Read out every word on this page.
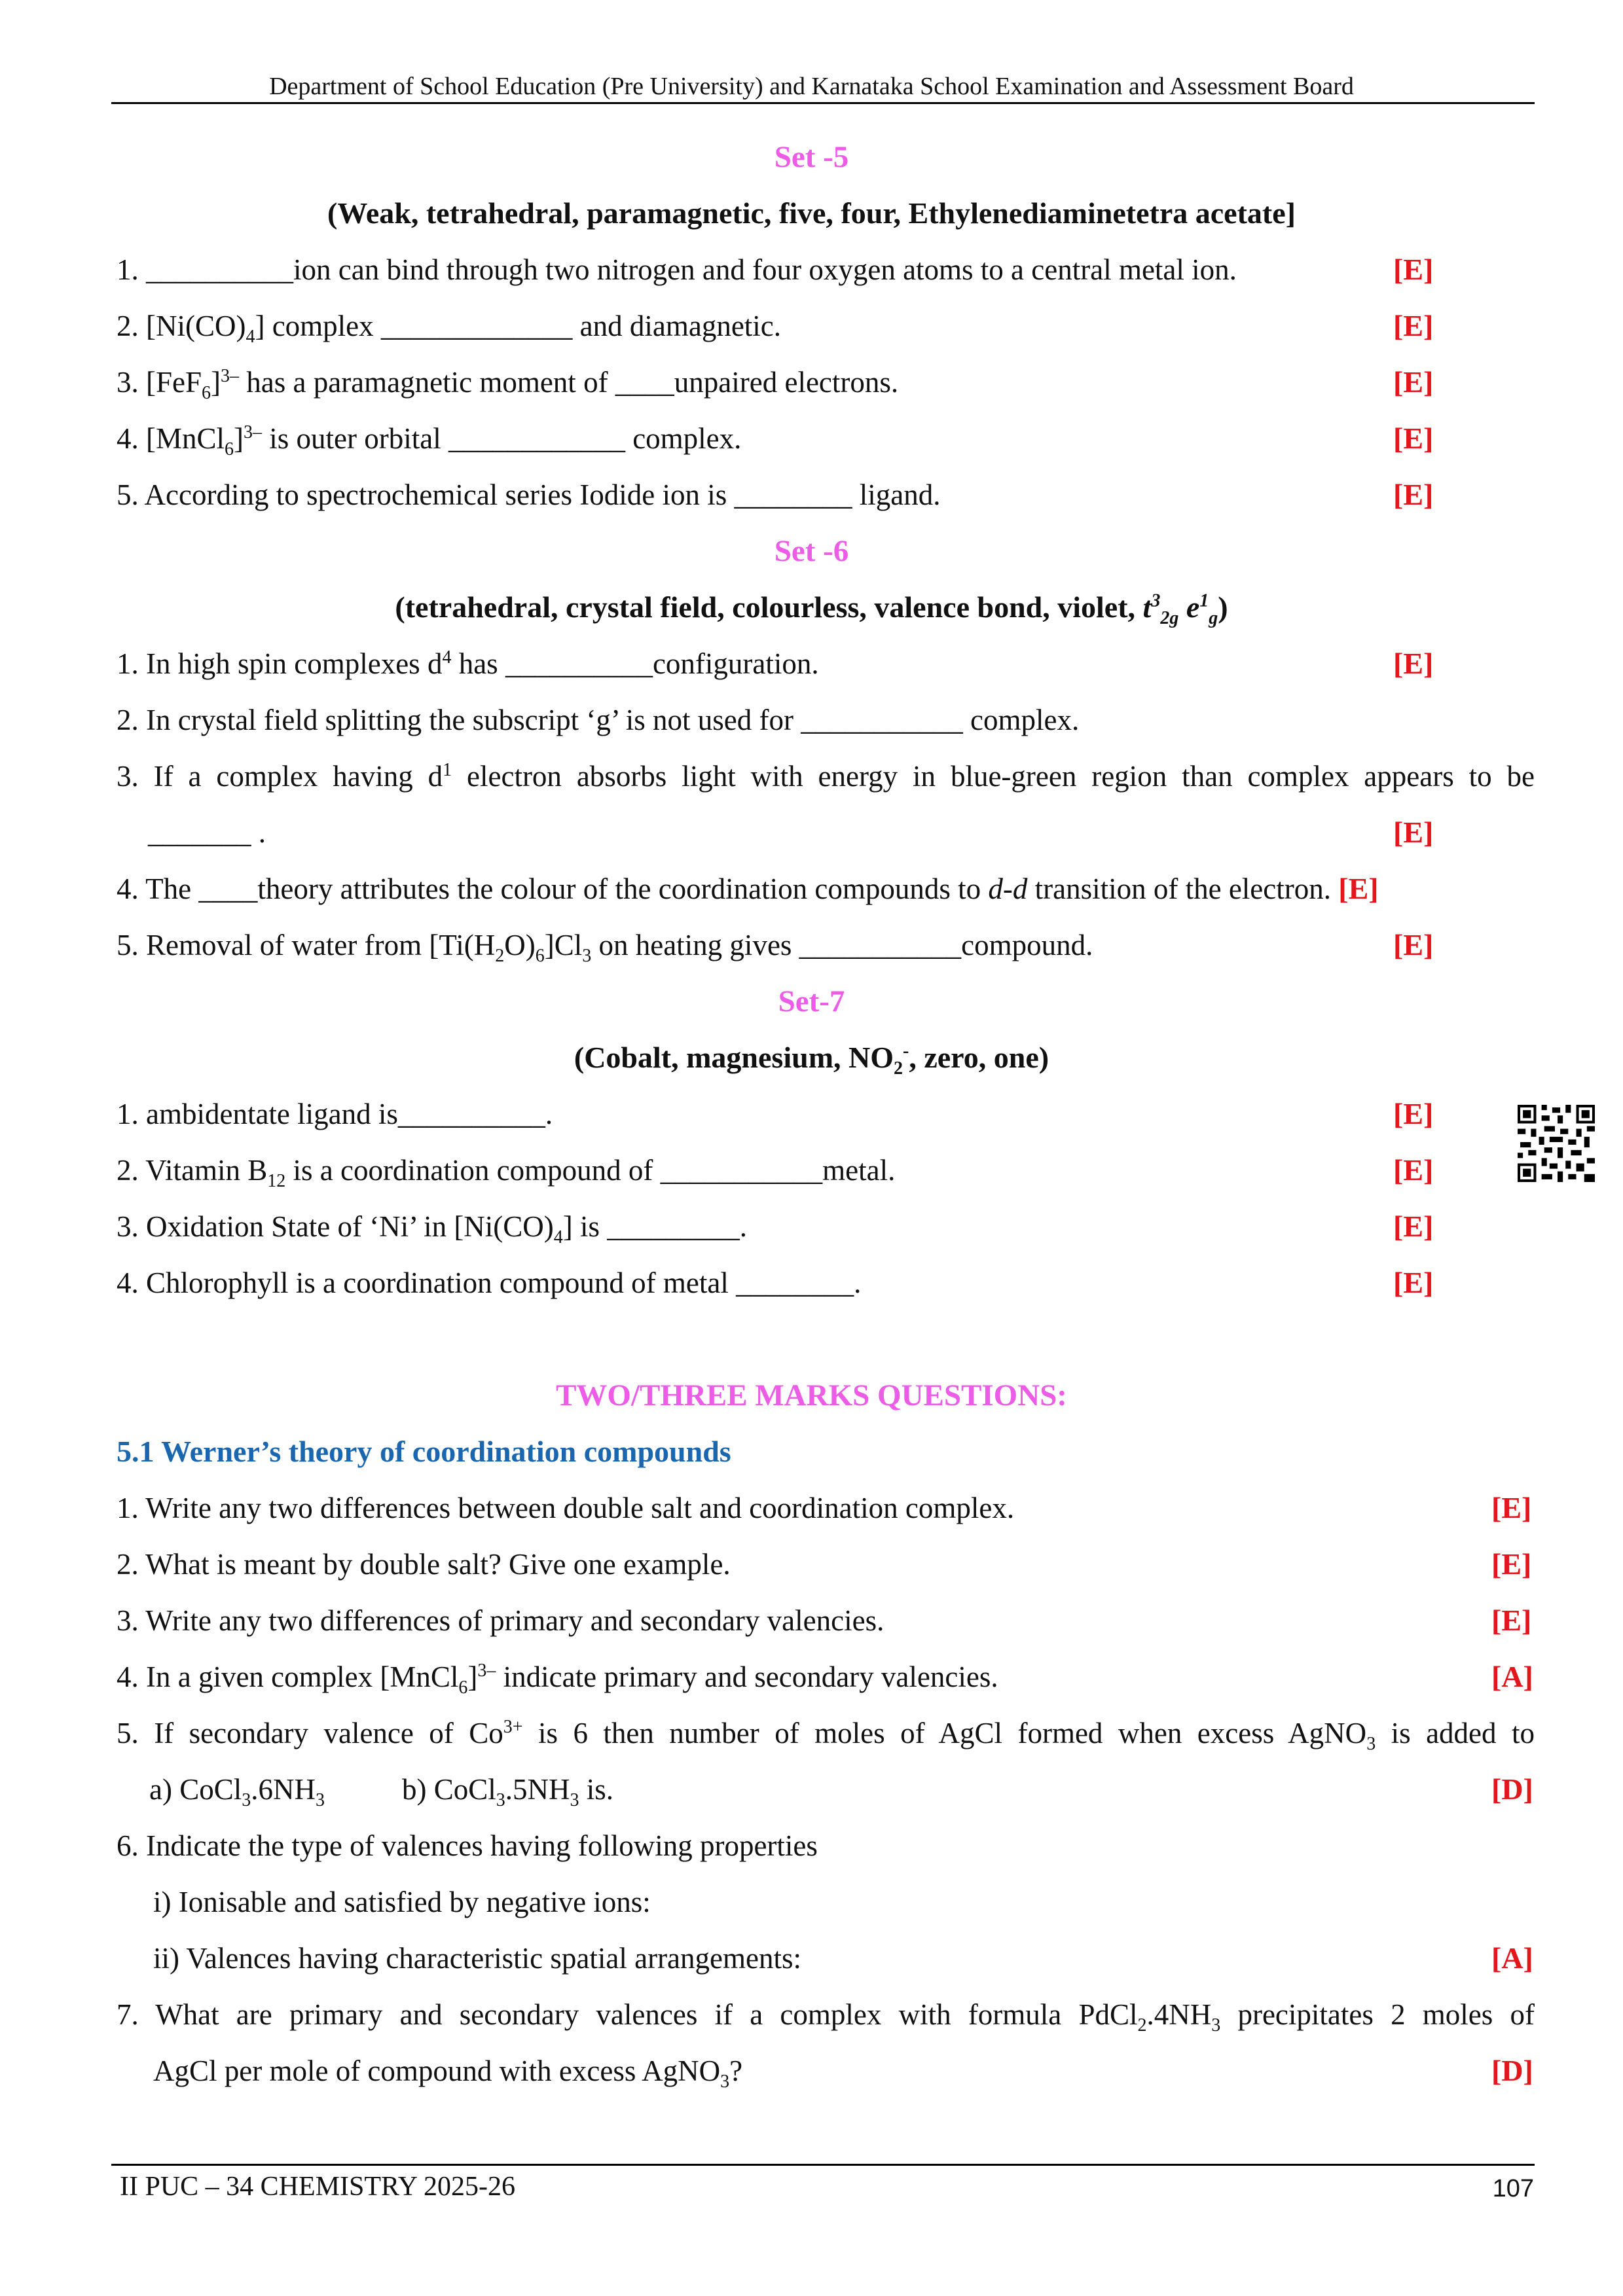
Department of School Education (Pre University) and Karnataka School Examination and Assessment Board
Set -5
(Weak, tetrahedral, paramagnetic, five, four, Ethylenediaminetetra acetate]
1. __________ion can bind through two nitrogen and four oxygen atoms to a central metal ion.	[E]
2. $[Ni(CO)_4]$ complex _____________ and diamagnetic.	[E]
3. $[FeF_6]^{3-}$ has a paramagnetic moment of ____unpaired electrons.	[E]
4. [MnCl$_6$]$^{3-}$ is outer orbital ____________ complex.	[E]
5. According to spectrochemical series Iodide ion is ________ ligand.	[E]
Set -6
(tetrahedral, crystal field, colourless, valence bond, violet, $t^3_{2g}$ $e^1_g$)
1. In high spin complexes $d^4$ has __________configuration.	[E]
2. In crystal field splitting the subscript ‘g’ is not used for ___________ complex.
3. If a complex having $d^1$ electron absorbs light with energy in blue-green region than complex appears to be
_______ .	[E]
4. The ____theory attributes the colour of the coordination compounds to d-d transition of the electron. [E]
5. Removal of water from $[Ti(H_2O)_6]Cl_3$ on heating gives ___________compound.	[E]
Set-7
(Cobalt, magnesium, $NO_2^-$, zero, one)
1. ambidentate ligand is__________.	[E]
2. Vitamin $B_{12}$ is a coordination compound of ___________metal.	[E]
3. Oxidation State of ‘Ni’ in $[Ni(CO)_4]$ is _________.	[E]
4. Chlorophyll is a coordination compound of metal ________.	[E]
TWO/THREE MARKS QUESTIONS:
5.1 Werner’s theory of coordination compounds
1. Write any two differences between double salt and coordination complex.	[E]
2. What is meant by double salt? Give one example.	[E]
3. Write any two differences of primary and secondary valencies.	[E]
4. In a given complex [MnCl$_6$]$^{3-}$ indicate primary and secondary valencies.	[A]
5. If secondary valence of $Co^{3+}$ is 6 then number of moles of AgCl formed when excess AgNO$_3$ is added to
a) $CoCl_3.6NH_3$	b) $CoCl_3.5NH_3$ is.	[D]
6. Indicate the type of valences having following properties
i) Ionisable and satisfied by negative ions:
ii) Valences having characteristic spatial arrangements:	[A]
7. What are primary and secondary valences if a complex with formula $PdCl_2.4NH_3$ precipitates 2 moles of
AgCl per mole of compound with excess AgNO$_3$?	[D]
II PUC – 34 CHEMISTRY 2025-26	107
